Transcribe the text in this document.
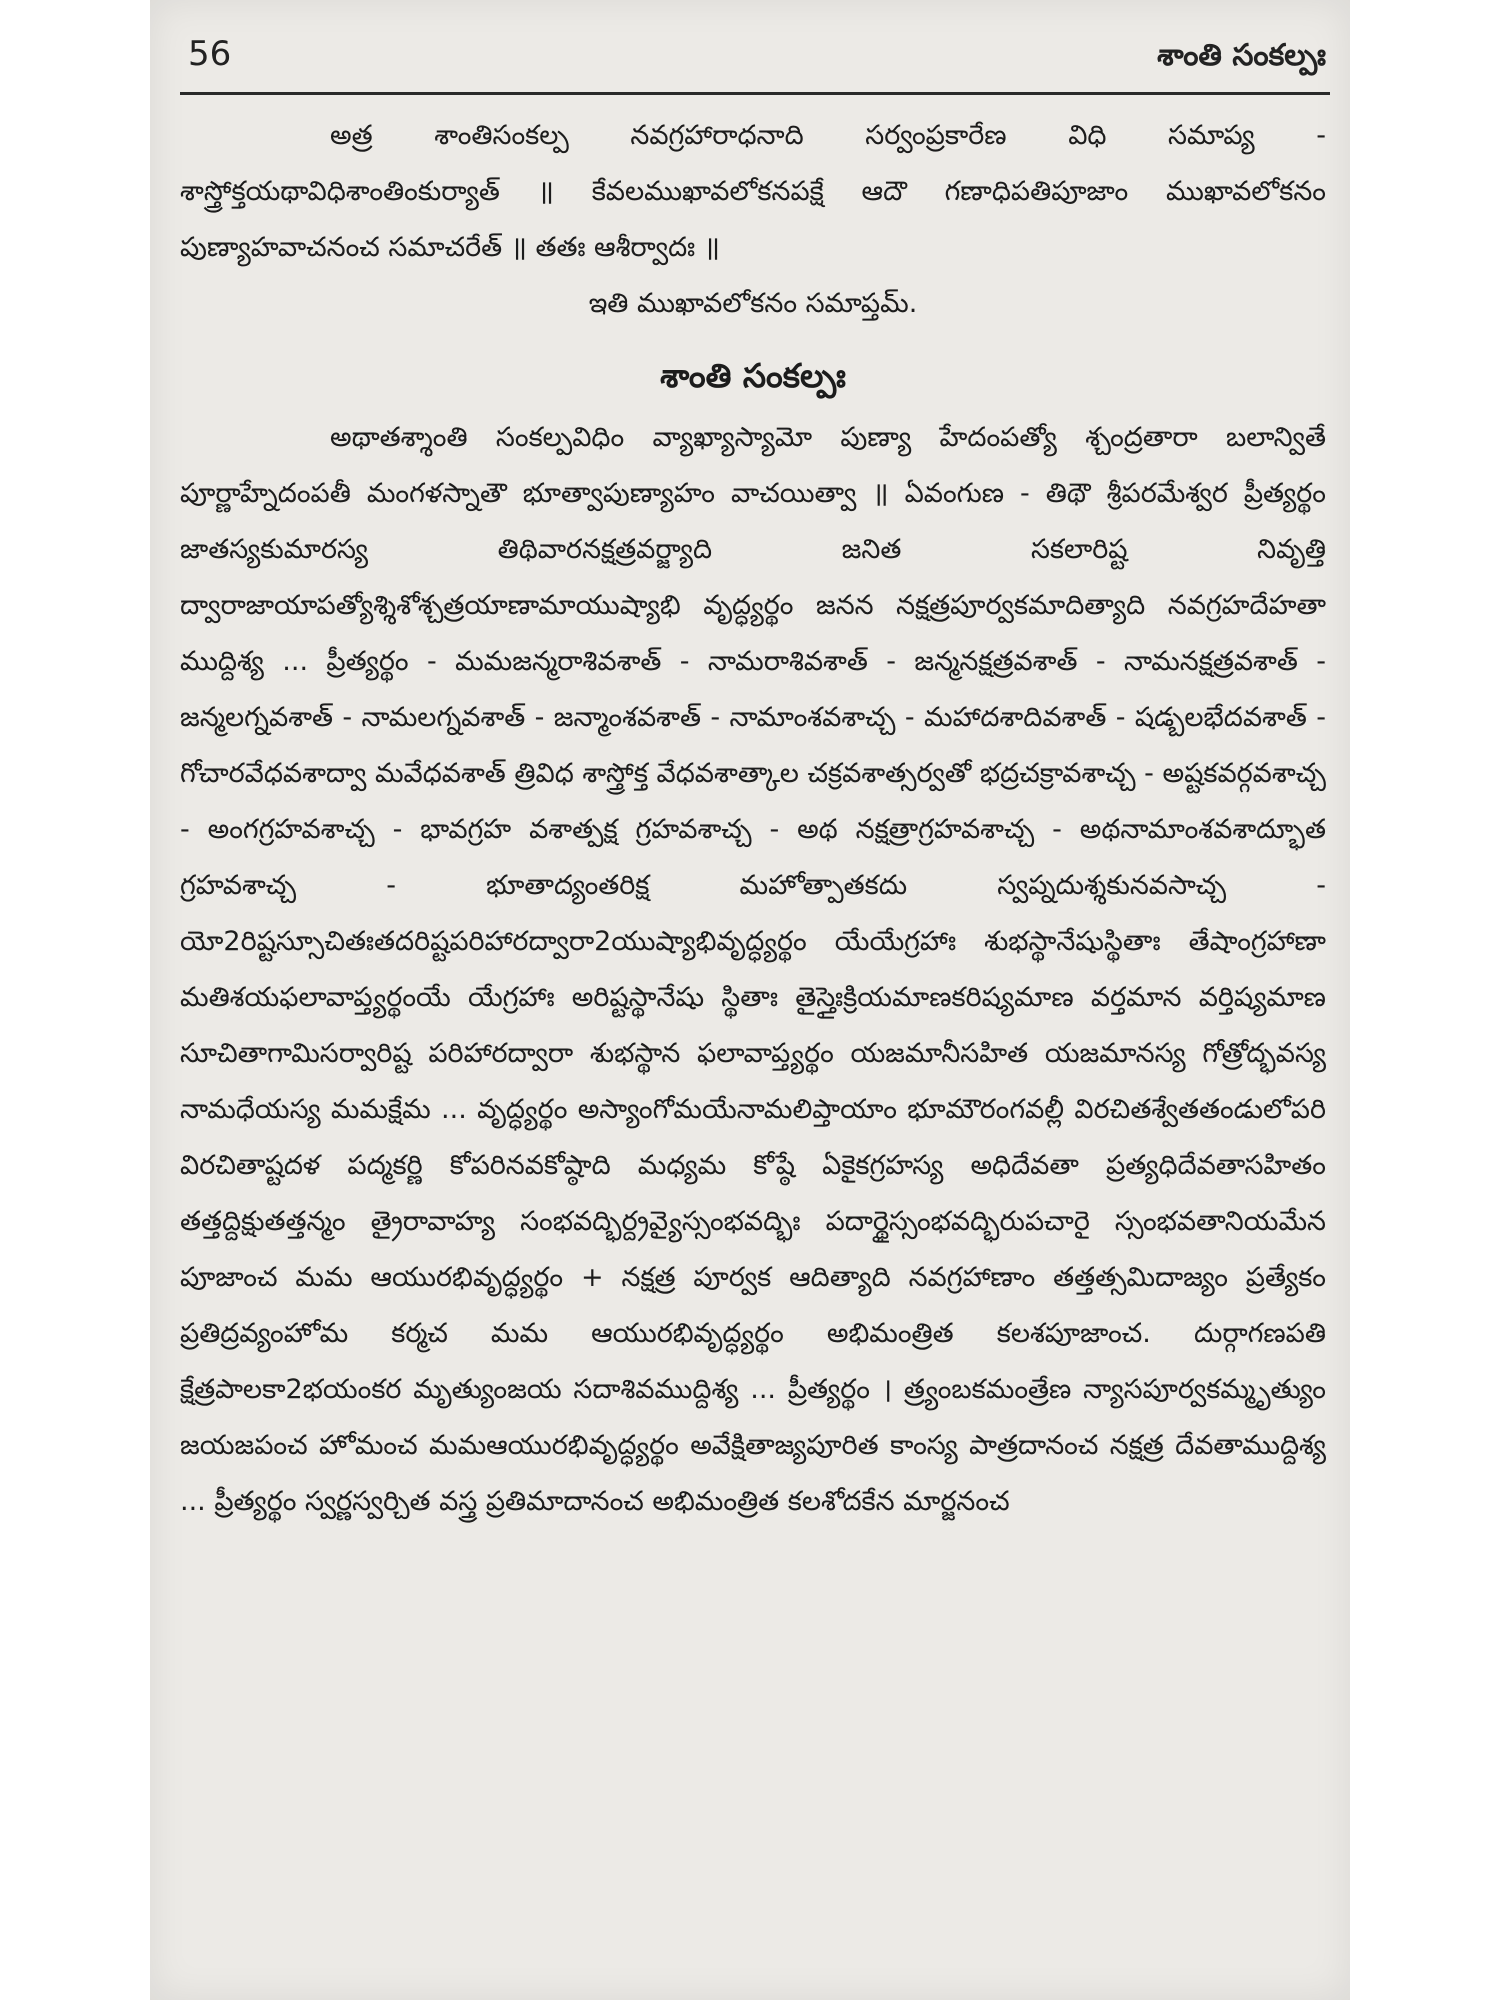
56	శాంతి సంకల్పః

అత్ర శాంతిసంకల్ప నవగ్రహారాధనాది సర్వంప్రకారేణ విధి సమాప్య - శాస్త్రోక్తయథావిధిశాంతింకుర్యాత్ ॥ కేవలముఖావలోకనపక్షే ఆదౌ గణాధిపతిపూజాం ముఖావలోకనం పుణ్యాహవాచనంచ సమాచరేత్ ॥ తతః ఆశీర్వాదః ॥

ఇతి ముఖావలోకనం సమాప్తమ్.

శాంతి సంకల్పః

అథాతశ్శాంతి సంకల్పవిధిం వ్యాఖ్యాస్యామో పుణ్యా హేదంపత్యో శ్చంద్రతారా బలాన్వితే పూర్ణాహ్నేదంపతీ మంగళస్నాతౌ భూత్వాపుణ్యాహం వాచయిత్వా ॥ ఏవంగుణ - తిథౌ శ్రీపరమేశ్వర ప్రీత్యర్థం జాతస్యకుమారస్య తిథివారనక్షత్రవర్జ్యాది జనిత సకలారిష్ట నివృత్తి ద్వారాజాయాపత్యోశ్శిశోశ్చత్రయాణామాయుష్యాభి వృద్ధ్యర్థం జనన నక్షత్రపూర్వకమాదిత్యాది నవగ్రహదేహతా ముద్దిశ్య ... ప్రీత్యర్థం - మమజన్మరాశివశాత్ - నామరాశివశాత్ - జన్మనక్షత్రవశాత్ - నామనక్షత్రవశాత్ - జన్మలగ్నవశాత్ - నామలగ్నవశాత్ - జన్మాంశవశాత్ - నామాంశవశాచ్చ - మహాదశాదివశాత్ - షడ్బలభేదవశాత్ - గోచారవేధవశాద్వా మవేధవశాత్ త్రివిధ శాస్త్రోక్త వేధవశాత్కాల చక్రవశాత్సర్వతో భద్రచక్రావశాచ్చ - అష్టకవర్గవశాచ్చ - అంగగ్రహవశాచ్చ - భావగ్రహ వశాత్పక్ష గ్రహవశాచ్చ - అథ నక్షత్రాగ్రహవశాచ్చ - అథనామాంశవశాద్భూత గ్రహవశాచ్చ - భూతాద్యంతరిక్ష మహోత్పాతకదు స్వప్నదుశ్శకునవసాచ్చ - యో2రిష్టస్సూచితఃతదరిష్టపరిహారద్వారా2యుష్యాభివృద్ధ్యర్థం యేయేగ్రహాః శుభస్థానేషుస్థితాః తేషాంగ్రహాణా మతిశయఫలావాప్త్యర్థంయే యేగ్రహాః అరిష్టస్థానేషు స్థితాః తైస్తైఃక్రియమాణకరిష్యమాణ వర్తమాన వర్తిష్యమాణ సూచితాగామిసర్వారిష్ట పరిహారద్వారా శుభస్థాన ఫలావాప్త్యర్థం యజమానీసహిత యజమానస్య గోత్రోద్భవస్య నామధేయస్య మమక్షేమ ... వృద్ధ్యర్థం అస్యాంగోమయేనామలిప్తాయాం భూమౌరంగవల్లీ విరచితశ్వేతతండులోపరి విరచితాష్టదళ పద్మకర్ణి కోపరినవకోష్ఠాది మధ్యమ కోష్ఠే ఏకైకగ్రహస్య అధిదేవతా ప్రత్యధిదేవతాసహితం తత్తద్దిక్షుతత్తన్మం త్రైరావాహ్య సంభవద్భిర్ద్రవ్యైస్సంభవద్భిః పదార్థైస్సంభవద్భిరుపచారై స్సంభవతానియమేన పూజాంచ మమ ఆయురభివృద్ధ్యర్థం + నక్షత్ర పూర్వక ఆదిత్యాది నవగ్రహాణాం తత్తత్సమిదాజ్యం ప్రత్యేకం ప్రతిద్రవ్యంహోమ కర్మచ మమ ఆయురభివృద్ధ్యర్థం అభిమంత్రిత కలశపూజాంచ. దుర్గాగణపతి క్షేత్రపాలకా2భయంకర మృత్యుంజయ సదాశివముద్దిశ్య ... ప్రీత్యర్థం । త్ర్యంబకమంత్రేణ న్యాసపూర్వకమ్మృత్యుం జయజపంచ హోమంచ మమఆయురభివృద్ధ్యర్థం అవేక్షితాజ్యపూరిత కాంస్య పాత్రదానంచ నక్షత్ర దేవతాముద్దిశ్య ... ప్రీత్యర్థం స్వర్ణస్వర్చిత వస్త్ర ప్రతిమాదానంచ అభిమంత్రిత కలశోదకేన మార్జనంచ
